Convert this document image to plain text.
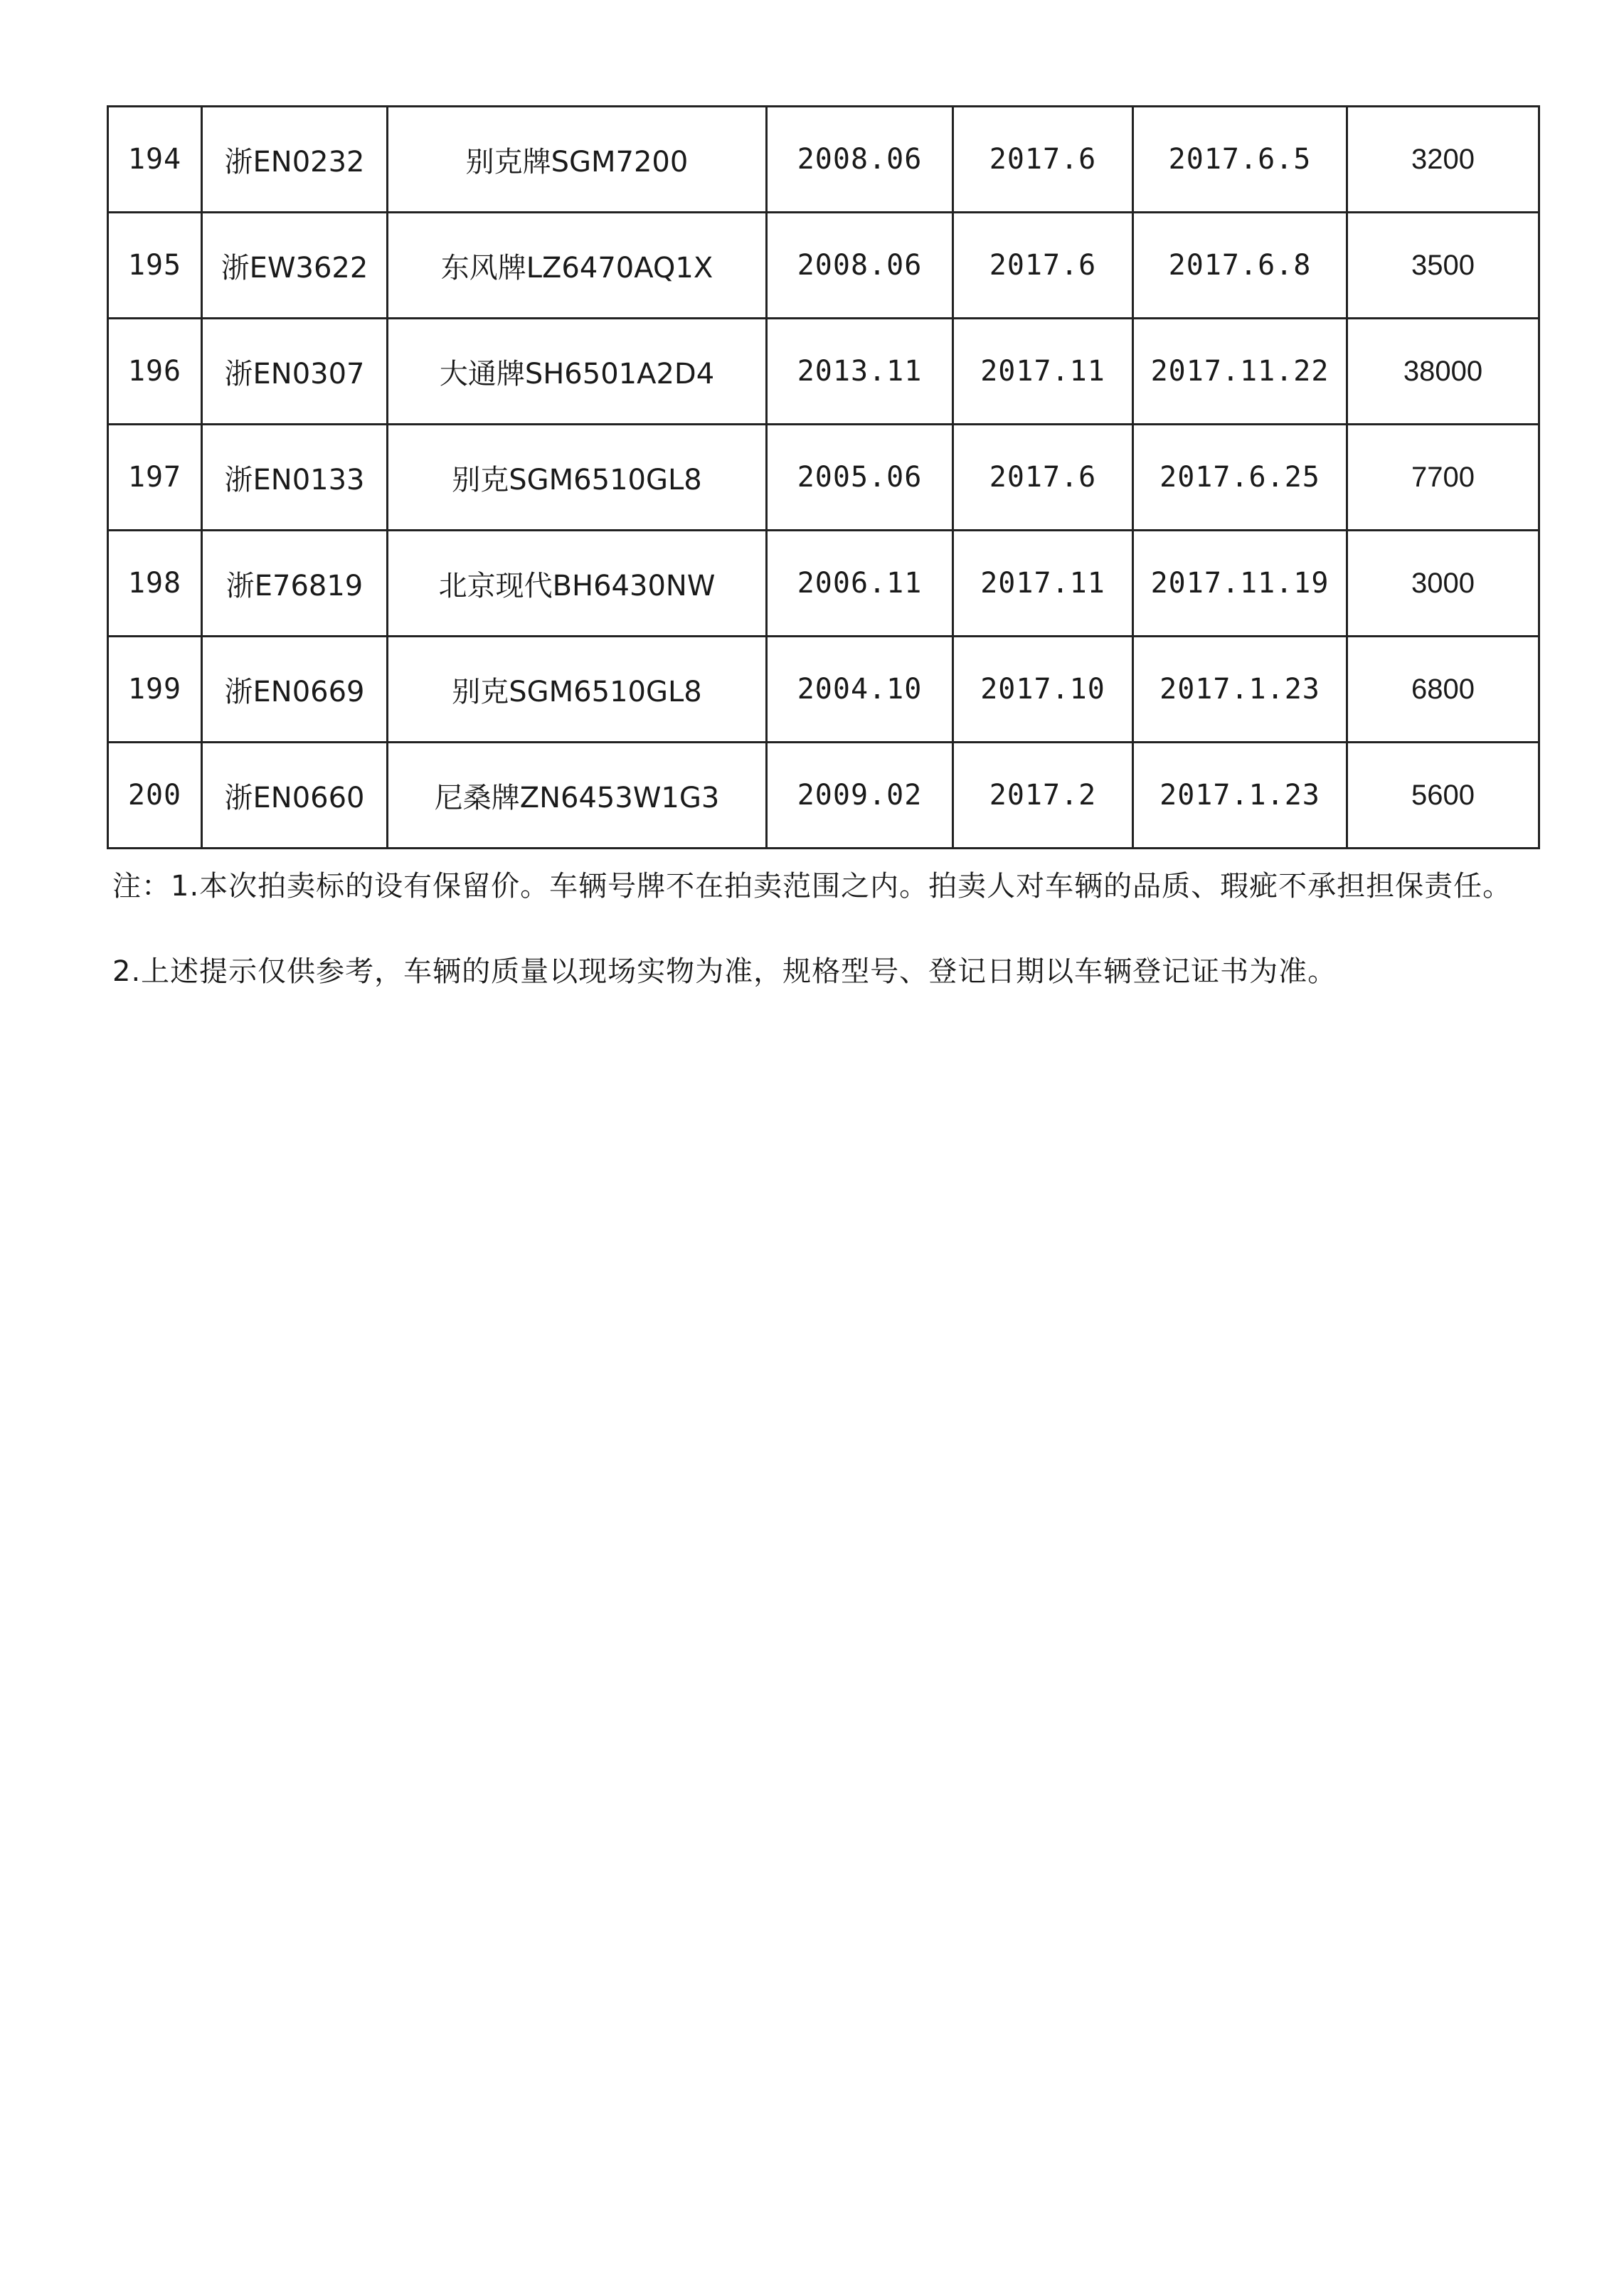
194	浙EN0232	别克牌SGM7200	2008.06	2017.6	2017.6.5	3200
195	浙EW3622	东风牌LZ6470AQ1X	2008.06	2017.6	2017.6.8	3500
196	浙EN0307	大通牌SH6501A2D4	2013.11	2017.11	2017.11.22	38000
197	浙EN0133	别克SGM6510GL8	2005.06	2017.6	2017.6.25	7700
198	浙E76819	北京现代BH6430NW	2006.11	2017.11	2017.11.19	3000
199	浙EN0669	别克SGM6510GL8	2004.10	2017.10	2017.1.23	6800
200	浙EN0660	尼桑牌ZN6453W1G3	2009.02	2017.2	2017.1.23	5600

注：1.本次拍卖标的设有保留价。车辆号牌不在拍卖范围之内。拍卖人对车辆的品质、瑕疵不承担担保责任。

2.上述提示仅供参考，车辆的质量以现场实物为准，规格型号、登记日期以车辆登记证书为准。
